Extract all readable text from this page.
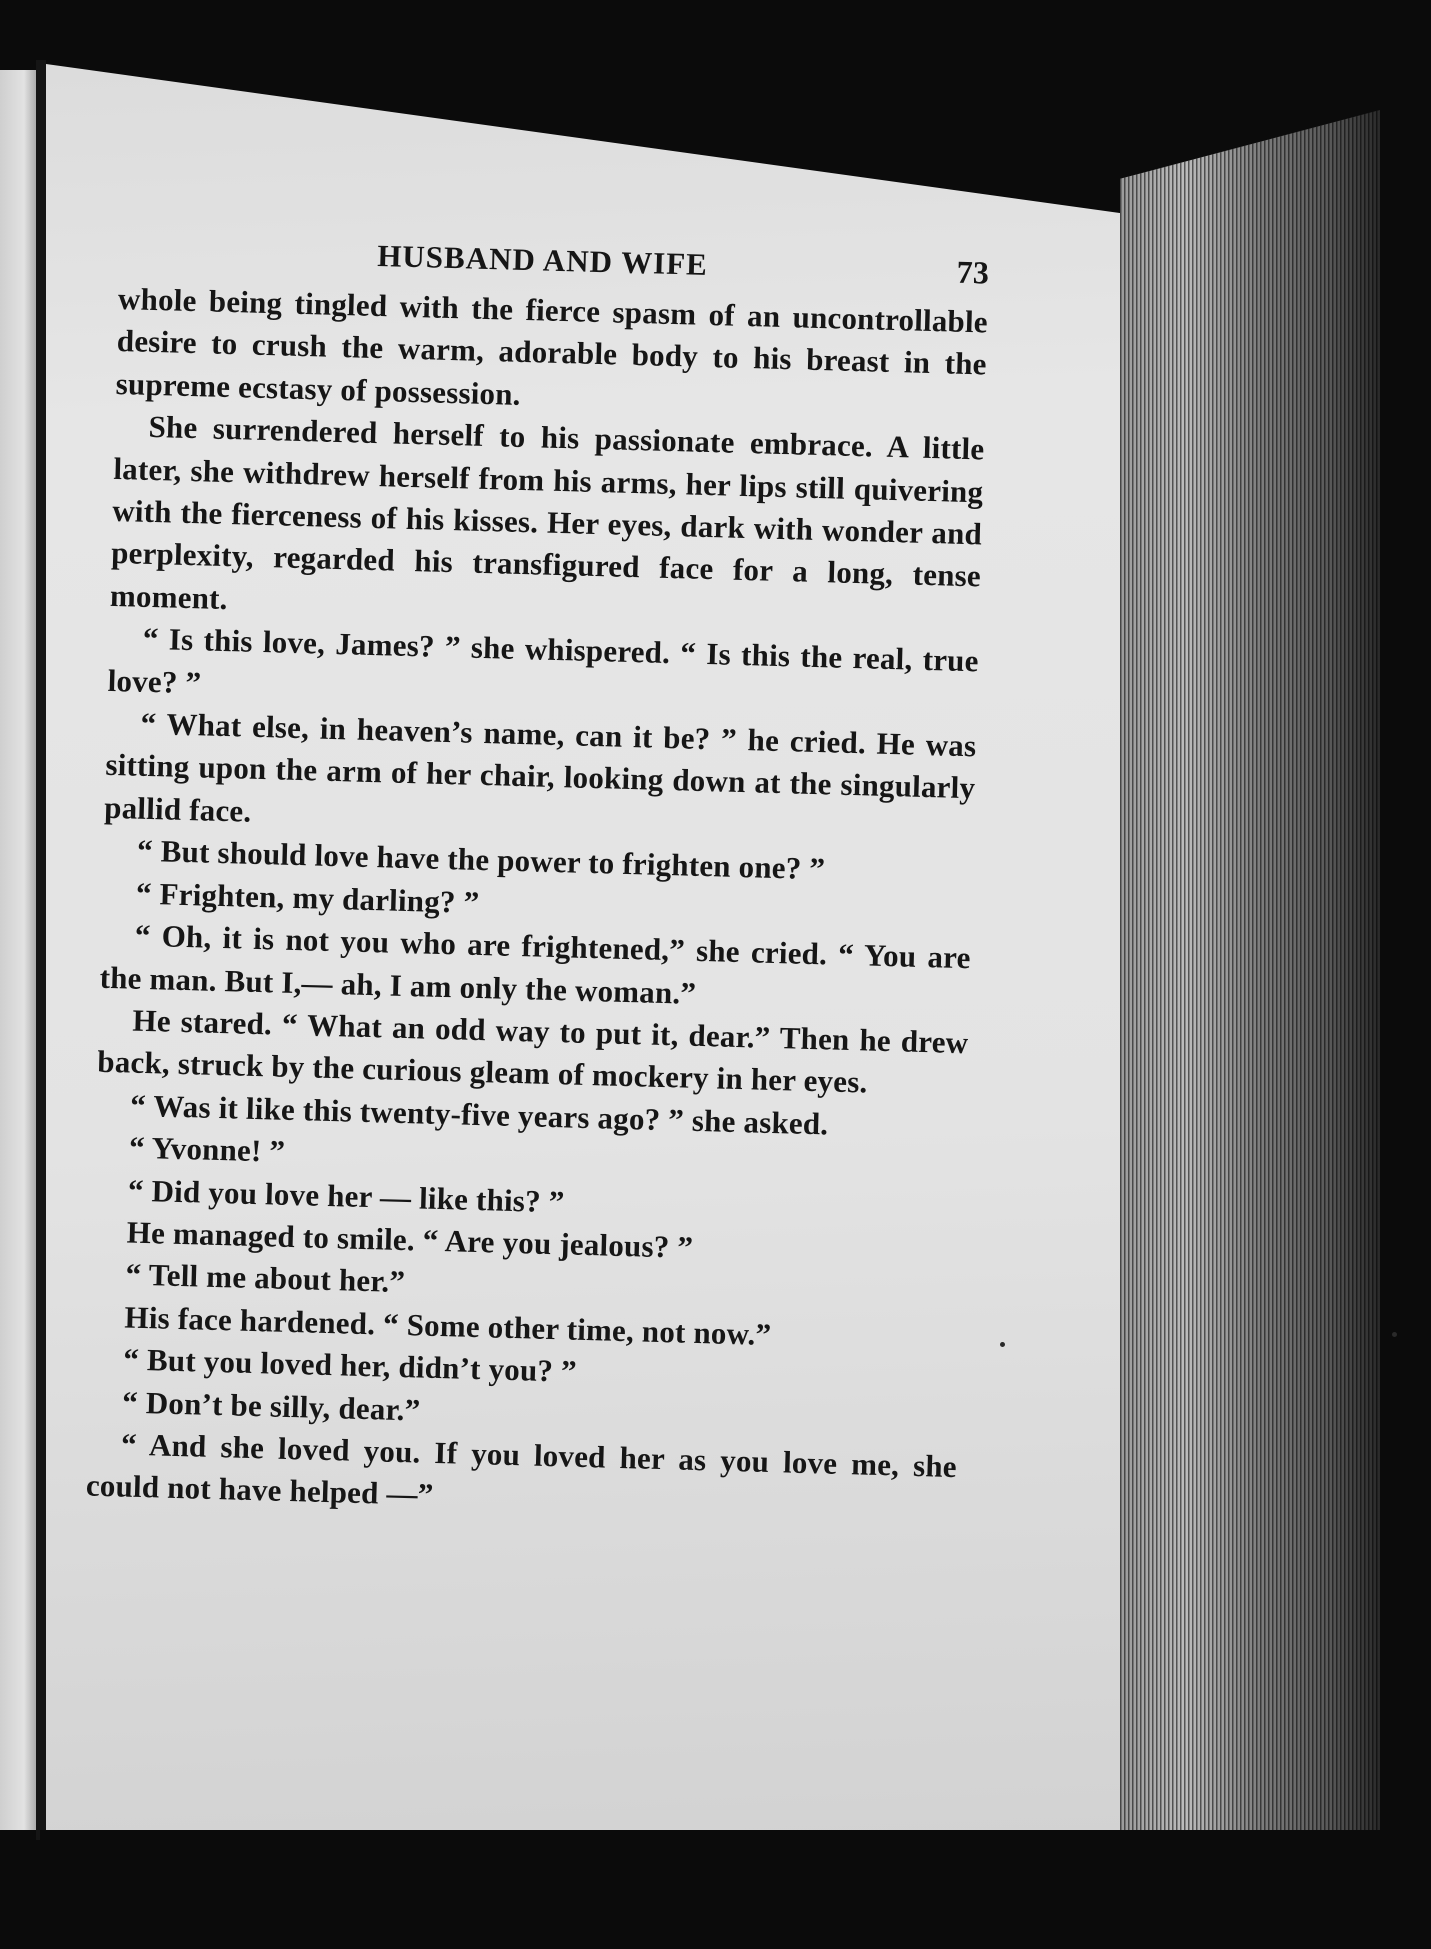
HUSBAND AND WIFE	73

whole being tingled with the fierce spasm of an uncontrollable desire to crush the warm, adorable body to his breast in the supreme ecstasy of possession.

She surrendered herself to his passionate embrace. A little later, she withdrew herself from his arms, her lips still quivering with the fierceness of his kisses. Her eyes, dark with wonder and perplexity, regarded his transfigured face for a long, tense moment.

“ Is this love, James? ” she whispered. “ Is this the real, true love? ”

“ What else, in heaven’s name, can it be? ” he cried. He was sitting upon the arm of her chair, looking down at the singularly pallid face.

“ But should love have the power to frighten one? ”

“ Frighten, my darling? ”

“ Oh, it is not you who are frightened,” she cried. “ You are the man. But I,— ah, I am only the woman.”

He stared. “ What an odd way to put it, dear.” Then he drew back, struck by the curious gleam of mockery in her eyes.

“ Was it like this twenty-five years ago? ” she asked.

“ Yvonne! ”

“ Did you love her — like this? ”

He managed to smile. “ Are you jealous? ”

“ Tell me about her.”

His face hardened. “ Some other time, not now.”

“ But you loved her, didn’t you? ”

“ Don’t be silly, dear.”

“ And she loved you. If you loved her as you love me, she could not have helped —”
